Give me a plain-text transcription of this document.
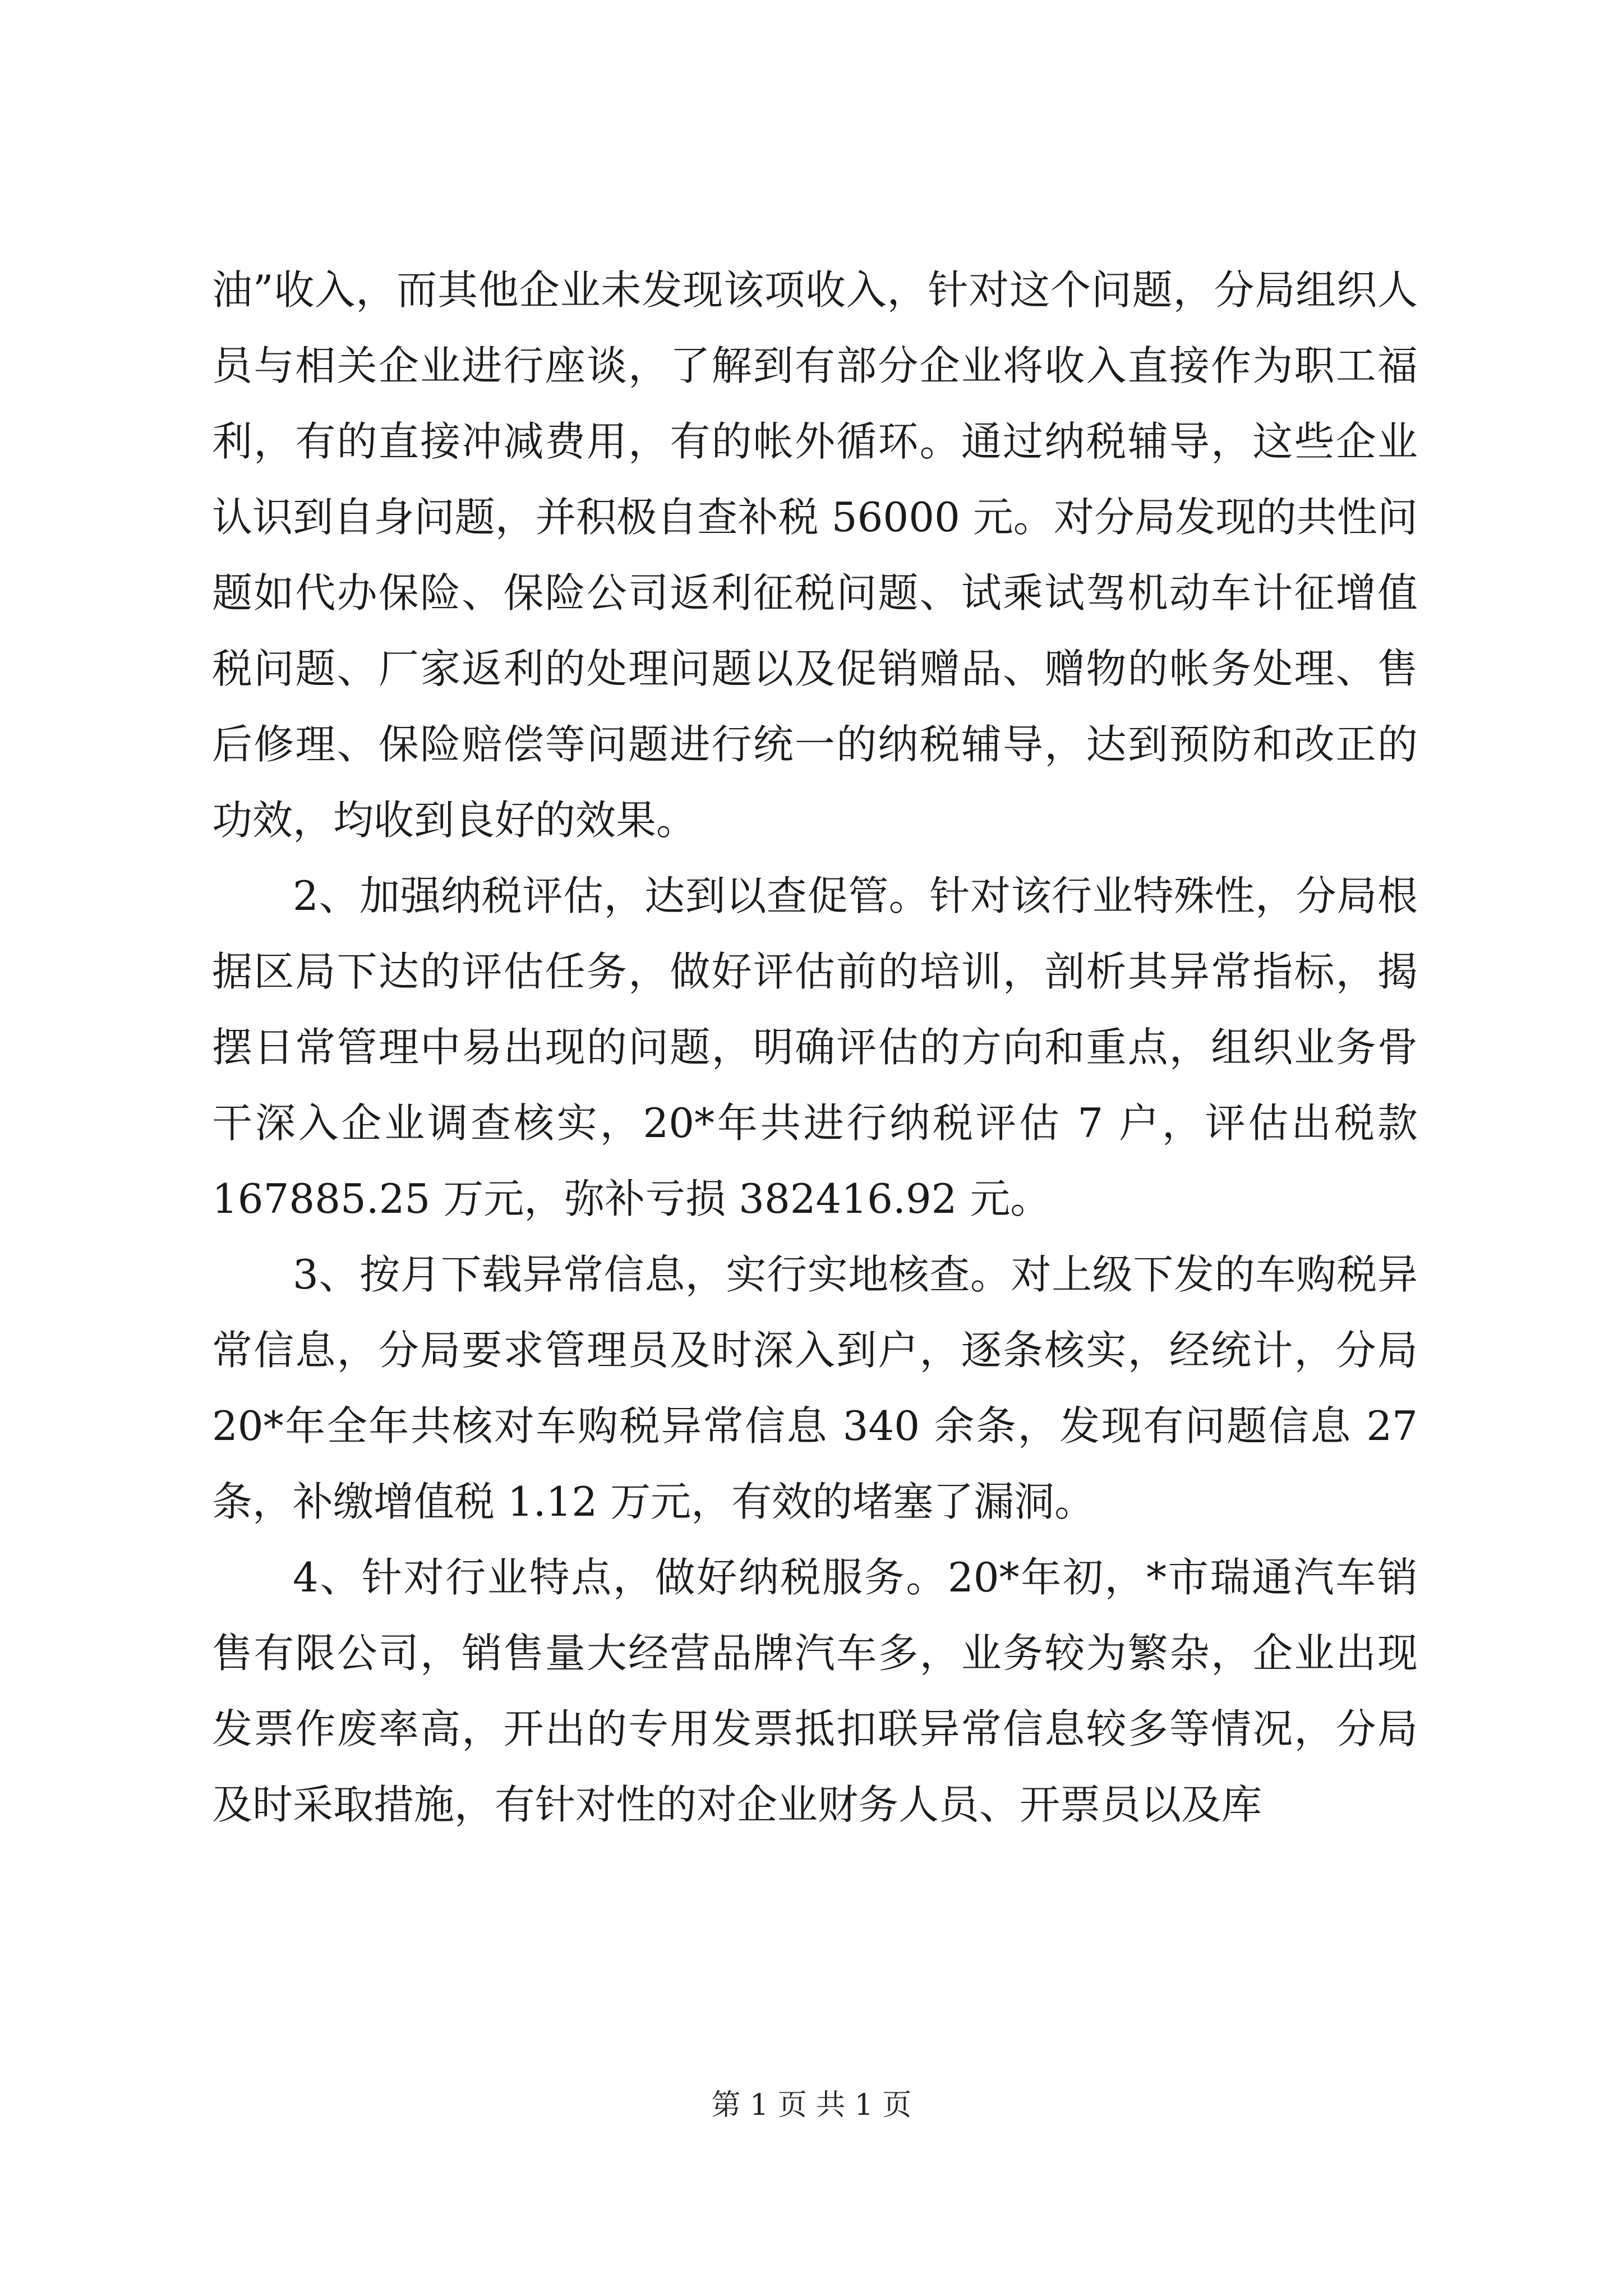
油”收入，而其他企业未发现该项收入，针对这个问题，分局组织人员与相关企业进行座谈，了解到有部分企业将收入直接作为职工福利，有的直接冲减费用，有的帐外循环。通过纳税辅导，这些企业认识到自身问题，并积极自查补税 56000 元。对分局发现的共性问题如代办保险、保险公司返利征税问题、试乘试驾机动车计征增值税问题、厂家返利的处理问题以及促销赠品、赠物的帐务处理、售后修理、保险赔偿等问题进行统一的纳税辅导，达到预防和改正的功效，均收到良好的效果。

2、加强纳税评估，达到以查促管。针对该行业特殊性，分局根据区局下达的评估任务，做好评估前的培训，剖析其异常指标，揭摆日常管理中易出现的问题，明确评估的方向和重点，组织业务骨干深入企业调查核实，20*年共进行纳税评估 7 户，评估出税款 167885.25 万元，弥补亏损 382416.92 元。

3、按月下载异常信息，实行实地核查。对上级下发的车购税异常信息，分局要求管理员及时深入到户，逐条核实，经统计，分局 20*年全年共核对车购税异常信息 340 余条，发现有问题信息 27 条，补缴增值税 1.12 万元，有效的堵塞了漏洞。

4、针对行业特点，做好纳税服务。20*年初，*市瑞通汽车销售有限公司，销售量大经营品牌汽车多，业务较为繁杂，企业出现发票作废率高，开出的专用发票抵扣联异常信息较多等情况，分局及时采取措施，有针对性的对企业财务人员、开票员以及库

第 1 页 共 1 页
